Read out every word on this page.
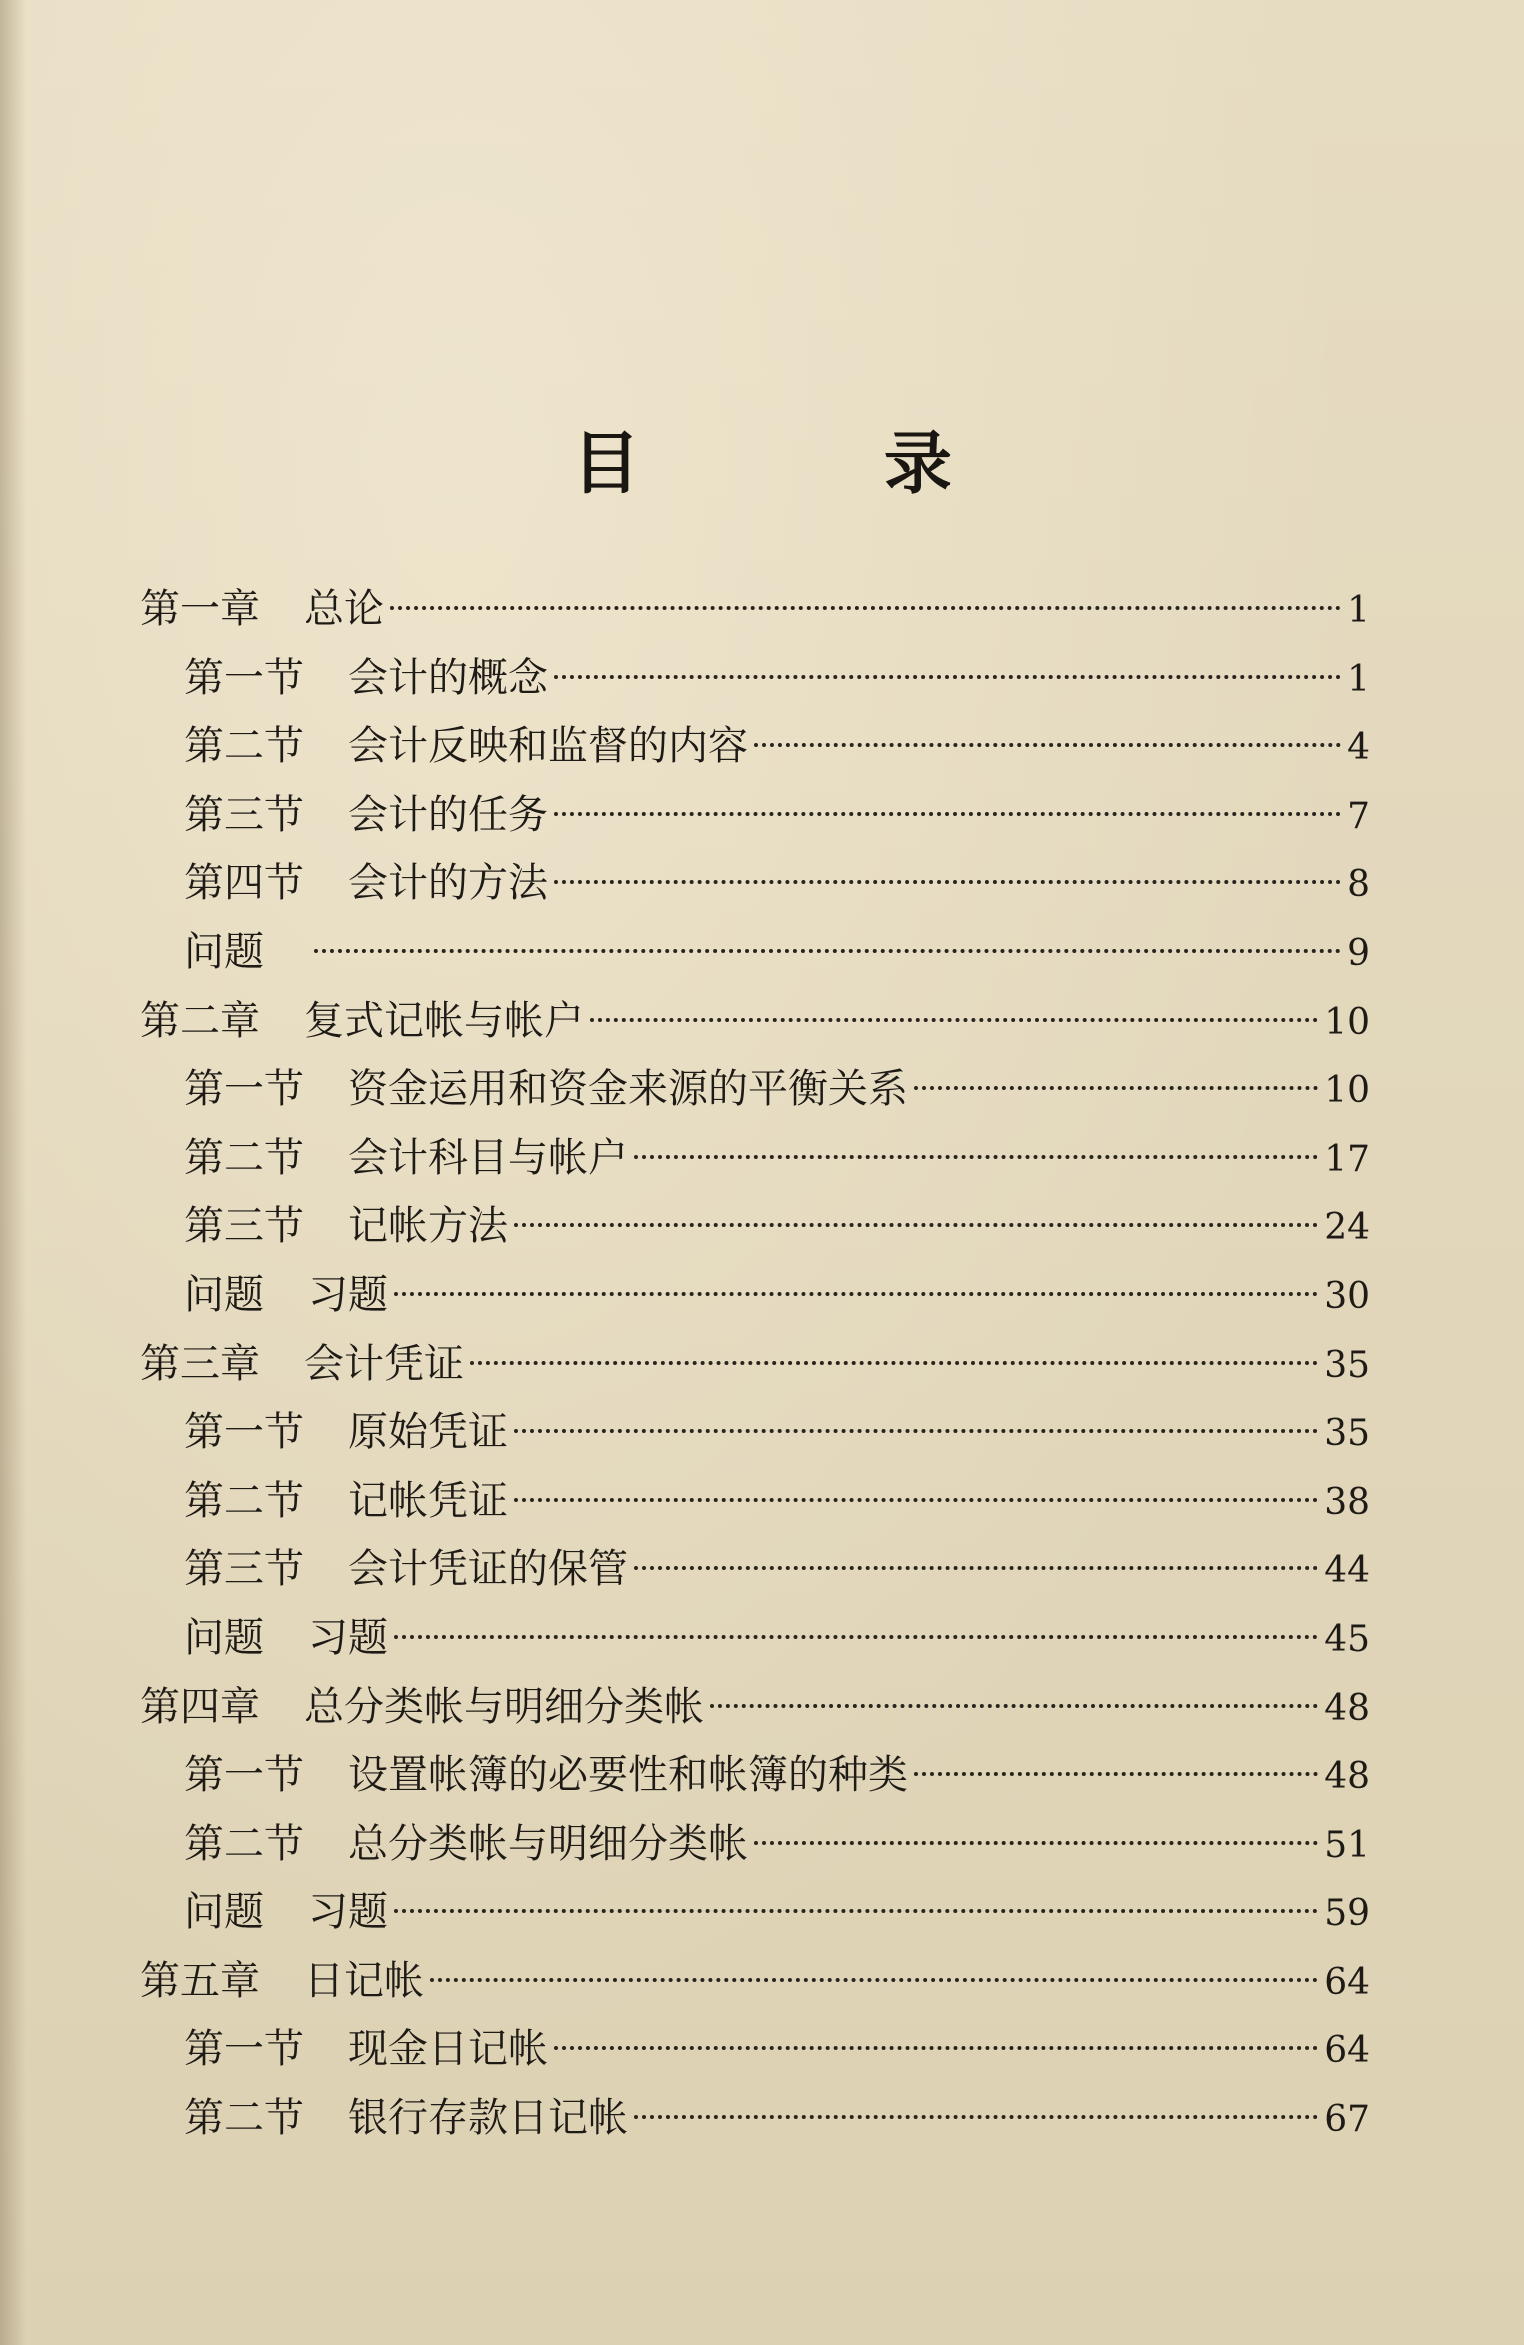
目 录
第一章 总论	1
第一节 会计的概念	1
第二节 会计反映和监督的内容	4
第三节 会计的任务	7
第四节 会计的方法	8
问题	9
第二章 复式记帐与帐户	10
第一节 资金运用和资金来源的平衡关系	10
第二节 会计科目与帐户	17
第三节 记帐方法	24
问题 习题	30
第三章 会计凭证	35
第一节 原始凭证	35
第二节 记帐凭证	38
第三节 会计凭证的保管	44
问题 习题	45
第四章 总分类帐与明细分类帐	48
第一节 设置帐簿的必要性和帐簿的种类	48
第二节 总分类帐与明细分类帐	51
问题 习题	59
第五章 日记帐	64
第一节 现金日记帐	64
第二节 银行存款日记帐	67
